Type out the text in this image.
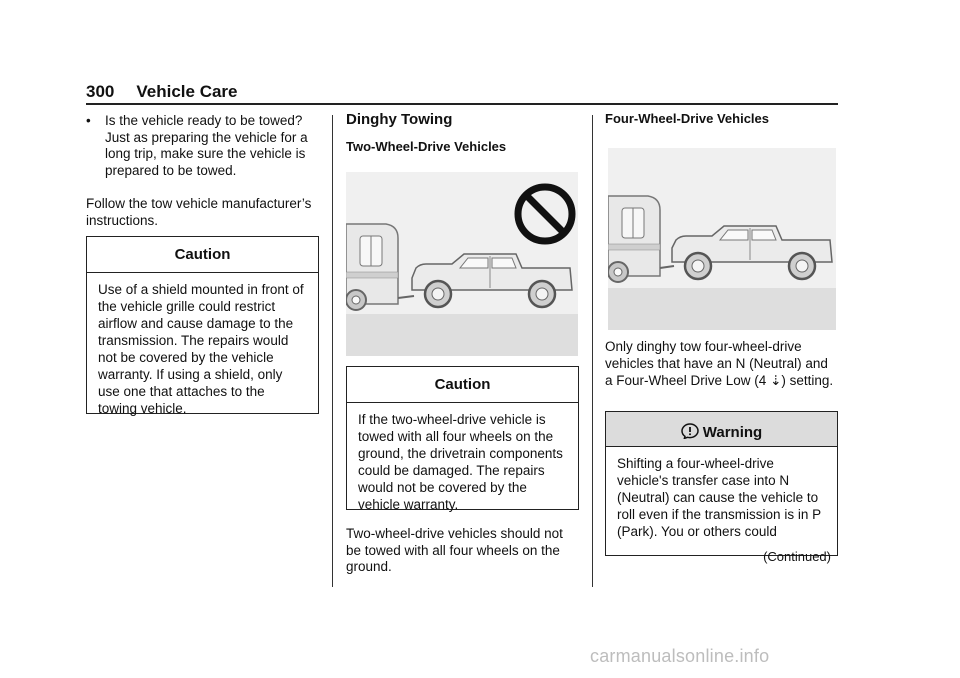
300 Vehicle Care
• Is the vehicle ready to be towed? Just as preparing the vehicle for a long trip, make sure the vehicle is prepared to be towed.

Follow the tow vehicle manufacturer’s instructions.

Caution
Use of a shield mounted in front of the vehicle grille could restrict airflow and cause damage to the transmission. The repairs would not be covered by the vehicle warranty. If using a shield, only use one that attaches to the towing vehicle.
Dinghy Towing
Two-Wheel-Drive Vehicles
Caution
If the two-wheel-drive vehicle is towed with all four wheels on the ground, the drivetrain components could be damaged. The repairs would not be covered by the vehicle warranty.

Two-wheel-drive vehicles should not be towed with all four wheels on the ground.

Four-Wheel-Drive Vehicles

Only dinghy tow four-wheel-drive vehicles that have an N (Neutral) and a Four-Wheel Drive Low (4 ⇣) setting.

Warning
Shifting a four-wheel-drive vehicle's transfer case into N (Neutral) can cause the vehicle to roll even if the transmission is in P (Park). You or others could
(Continued)
carmanualsonline.info
